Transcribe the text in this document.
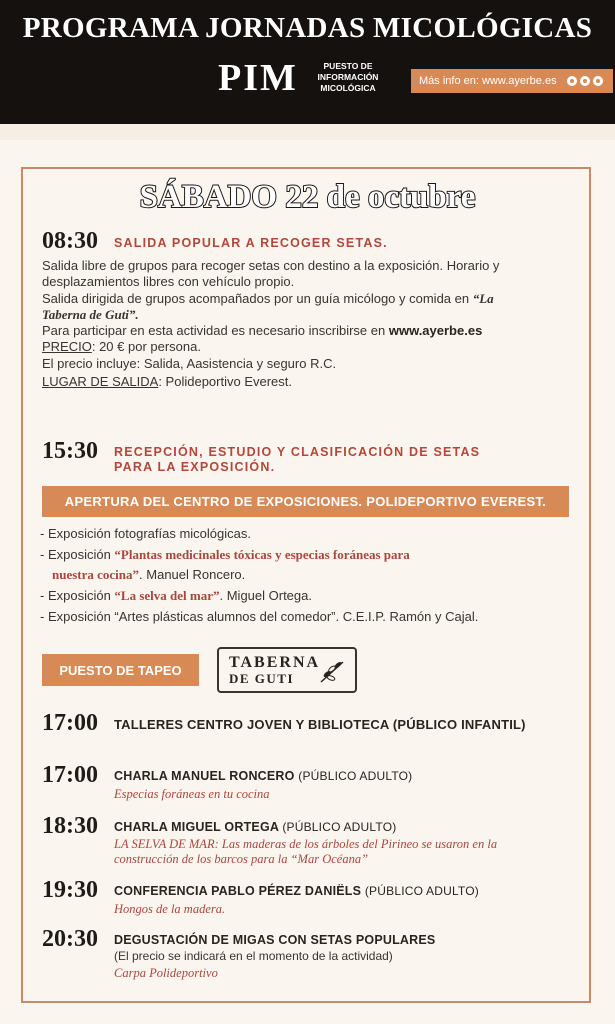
PROGRAMA JORNADAS MICOLÓGICAS
PIM	PUESTO DE
INFORMACIÓN
MICOLÓGICA
Más info en: www.ayerbe.es
SÁBADO 22 de octubre
08:30 SALIDA POPULAR A RECOGER SETAS.
Salida libre de grupos para recoger setas con destino a la exposición. Horario y
desplazamientos libres con vehículo propio.
Salida dirigida de grupos acompañados por un guía micólogo y comida en “La
Taberna de Guti”.
Para participar en esta actividad es necesario inscribirse en www.ayerbe.es
PRECIO: 20 € por persona.
El precio incluye: Salida, Aasistencia y seguro R.C.
LUGAR DE SALIDA: Polideportivo Everest.
15:30 RECEPCIÓN, ESTUDIO Y CLASIFICACIÓN DE SETAS
PARA LA EXPOSICIÓN.
APERTURA DEL CENTRO DE EXPOSICIONES. POLIDEPORTIVO EVEREST.
- Exposición fotografías micológicas.
- Exposición “Plantas medicinales tóxicas y especias foráneas para
nuestra cocina”. Manuel Roncero.
- Exposición “La selva del mar”. Miguel Ortega.
- Exposición “Artes plásticas alumnos del comedor”. C.E.I.P. Ramón y Cajal.
PUESTO DE TAPEO	TABERNA
DE GUTI
17:00 TALLERES CENTRO JOVEN Y BIBLIOTECA (PÚBLICO INFANTIL)
17:00 CHARLA MANUEL RONCERO (PÚBLICO ADULTO)
Especias foráneas en tu cocina
18:30 CHARLA MIGUEL ORTEGA (PÚBLICO ADULTO)
LA SELVA DE MAR: Las maderas de los árboles del Pirineo se usaron en la
construcción de los barcos para la “Mar Océana”
19:30 CONFERENCIA PABLO PÉREZ DANIËLS (PÚBLICO ADULTO)
Hongos de la madera.
20:30 DEGUSTACIÓN DE MIGAS CON SETAS POPULARES
(El precio se indicará en el momento de la actividad)
Carpa Polideportivo
